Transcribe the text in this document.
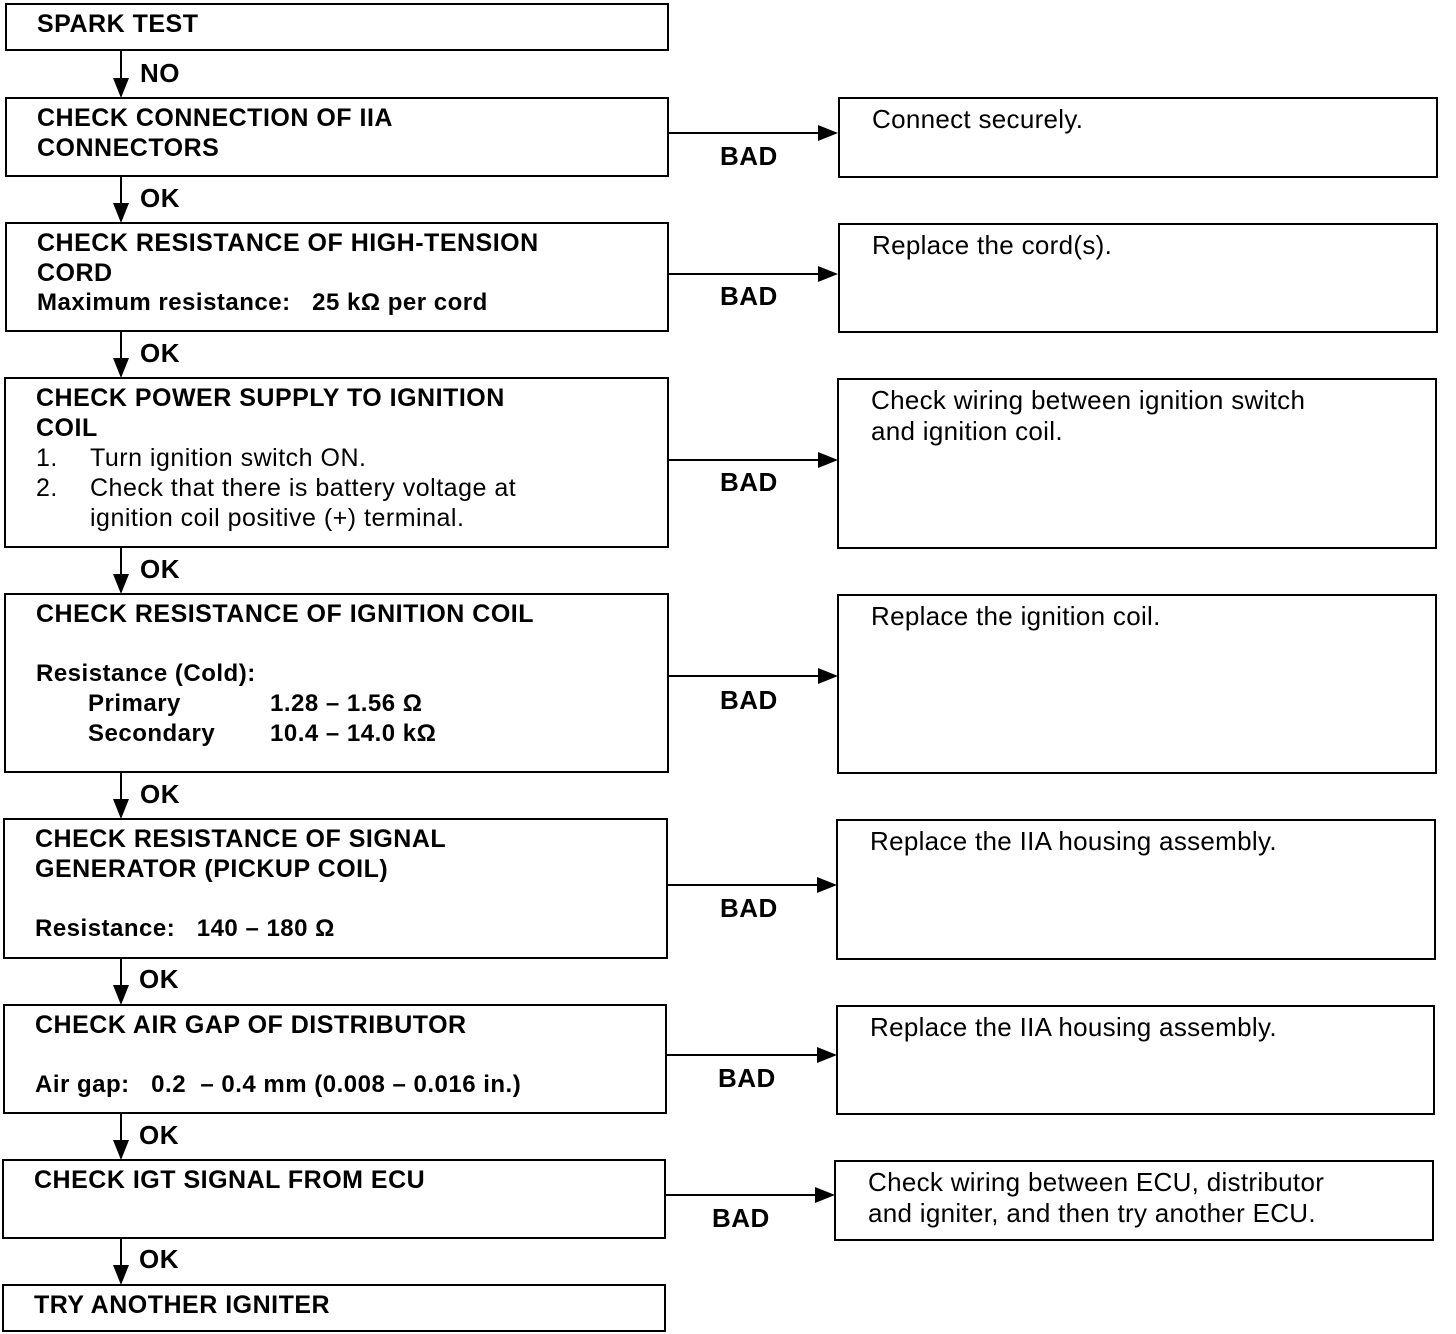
SPARK TEST
NO
CHECK CONNECTION OF IIA
CONNECTORS
OK
BAD
CHECK RESISTANCE OF HIGH-TENSION
CORD
Maximum resistance:   25 kΩ per cord
OK
BAD
CHECK POWER SUPPLY TO IGNITION
COIL
1. Turn ignition switch ON.
2. Check that there is battery voltage at
ignition coil positive (+) terminal.
OK
BAD
CHECK RESISTANCE OF IGNITION COIL

Resistance (Cold):
Primary	1.28 – 1.56 Ω
Secondary 10.4 – 14.0 kΩ
OK
BAD
CHECK RESISTANCE OF SIGNAL
GENERATOR (PICKUP COIL)

Resistance:   140 – 180 Ω
OK
BAD
CHECK AIR GAP OF DISTRIBUTOR

Air gap:   0.2  – 0.4 mm (0.008 – 0.016 in.)
OK
BAD
CHECK IGT SIGNAL FROM ECU
OK
BAD
TRY ANOTHER IGNITER
Connect securely.
Replace the cord(s).
Check wiring between ignition switch
and ignition coil.
Replace the ignition coil.
Replace the IIA housing assembly.
Replace the IIA housing assembly.
Check wiring between ECU, distributor
and igniter, and then try another ECU.
